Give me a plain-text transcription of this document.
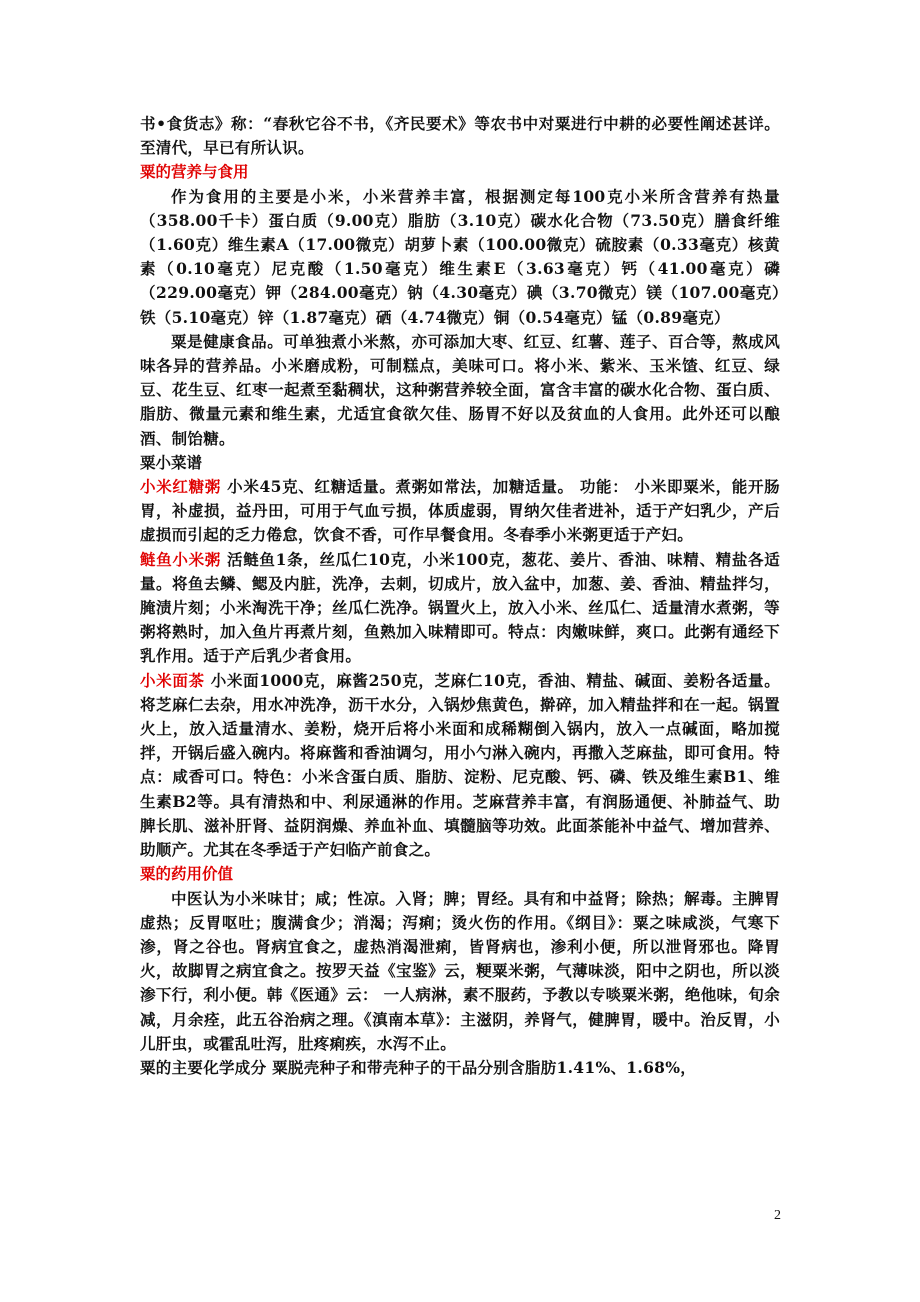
书•食货志》称：“春秋它谷不书，《齐民要术》等农书中对粟进行中耕的必要性阐述甚详。至清代，早已有所认识。

粟的营养与食用

作为食用的主要是小米，小米营养丰富，根据测定每100克小米所含营养有热量（358.00千卡）蛋白质（9.00克）脂肪（3.10克）碳水化合物（73.50克）膳食纤维（1.60克）维生素A（17.00微克）胡萝卜素（100.00微克）硫胺素（0.33毫克）核黄素（0.10毫克）尼克酸（1.50毫克）维生素E（3.63毫克）钙（41.00毫克）磷（229.00毫克）钾（284.00毫克）钠（4.30毫克）碘（3.70微克）镁（107.00毫克）铁（5.10毫克）锌（1.87毫克）硒（4.74微克）铜（0.54毫克）锰（0.89毫克）

粟是健康食品。可单独煮小米熬，亦可添加大枣、红豆、红薯、莲子、百合等，熬成风味各异的营养品。小米磨成粉，可制糕点，美味可口。将小米、紫米、玉米馇、红豆、绿豆、花生豆、红枣一起煮至黏稠状，这种粥营养较全面，富含丰富的碳水化合物、蛋白质、脂肪、微量元素和维生素，尤适宜食欲欠佳、肠胃不好以及贫血的人食用。此外还可以酿酒、制饴糖。

粟小菜谱

小米红糖粥 小米45克、红糖适量。煮粥如常法，加糖适量。 功能： 小米即粟米，能开肠胃，补虚损，益丹田，可用于气血亏损，体质虚弱，胃纳欠佳者进补，适于产妇乳少，产后虚损而引起的乏力倦怠，饮食不香，可作早餐食用。冬春季小米粥更适于产妇。

鲢鱼小米粥 活鲢鱼1条，丝瓜仁10克，小米100克，葱花、姜片、香油、味精、精盐各适量。将鱼去鳞、鳃及内脏，洗净，去刺，切成片，放入盆中，加葱、姜、香油、精盐拌匀，腌渍片刻；小米淘洗干净；丝瓜仁洗净。锅置火上，放入小米、丝瓜仁、适量清水煮粥，等粥将熟时，加入鱼片再煮片刻，鱼熟加入味精即可。特点：肉嫩味鲜，爽口。此粥有通经下乳作用。适于产后乳少者食用。

小米面茶 小米面1000克，麻酱250克，芝麻仁10克，香油、精盐、碱面、姜粉各适量。将芝麻仁去杂，用水冲洗净，沥干水分，入锅炒焦黄色，擀碎，加入精盐拌和在一起。锅置火上，放入适量清水、姜粉，烧开后将小米面和成稀糊倒入锅内，放入一点碱面，略加搅拌，开锅后盛入碗内。将麻酱和香油调匀，用小勺淋入碗内，再撒入芝麻盐，即可食用。特点：咸香可口。特色：小米含蛋白质、脂肪、淀粉、尼克酸、钙、磷、铁及维生素B1、维生素B2等。具有清热和中、利尿通淋的作用。芝麻营养丰富，有润肠通便、补肺益气、助脾长肌、滋补肝肾、益阴润燥、养血补血、填髓脑等功效。此面茶能补中益气、增加营养、助顺产。尤其在冬季适于产妇临产前食之。

粟的药用价值

中医认为小米味甘；咸；性凉。入肾；脾；胃经。具有和中益肾；除热；解毒。主脾胃虚热；反胃呕吐；腹满食少；消渴；泻痢；烫火伤的作用。《纲目》：粟之味咸淡，气寒下渗，肾之谷也。肾病宜食之，虚热消渴泄痢，皆肾病也，渗利小便，所以泄肾邪也。降胃火，故脚胃之病宜食之。按罗天益《宝鉴》云，粳粟米粥，气薄味淡，阳中之阴也，所以淡渗下行，利小便。韩《医通》云： 一人病淋，素不服药，予教以专啖粟米粥，绝他味，旬余减，月余痊，此五谷治病之理。《滇南本草》：主滋阴，养肾气，健脾胃，暖中。治反胃，小儿肝虫，或霍乱吐泻，肚疼痢疾，水泻不止。

粟的主要化学成分 粟脱壳种子和带壳种子的干品分别含脂肪1.41%、1.68%，

2
